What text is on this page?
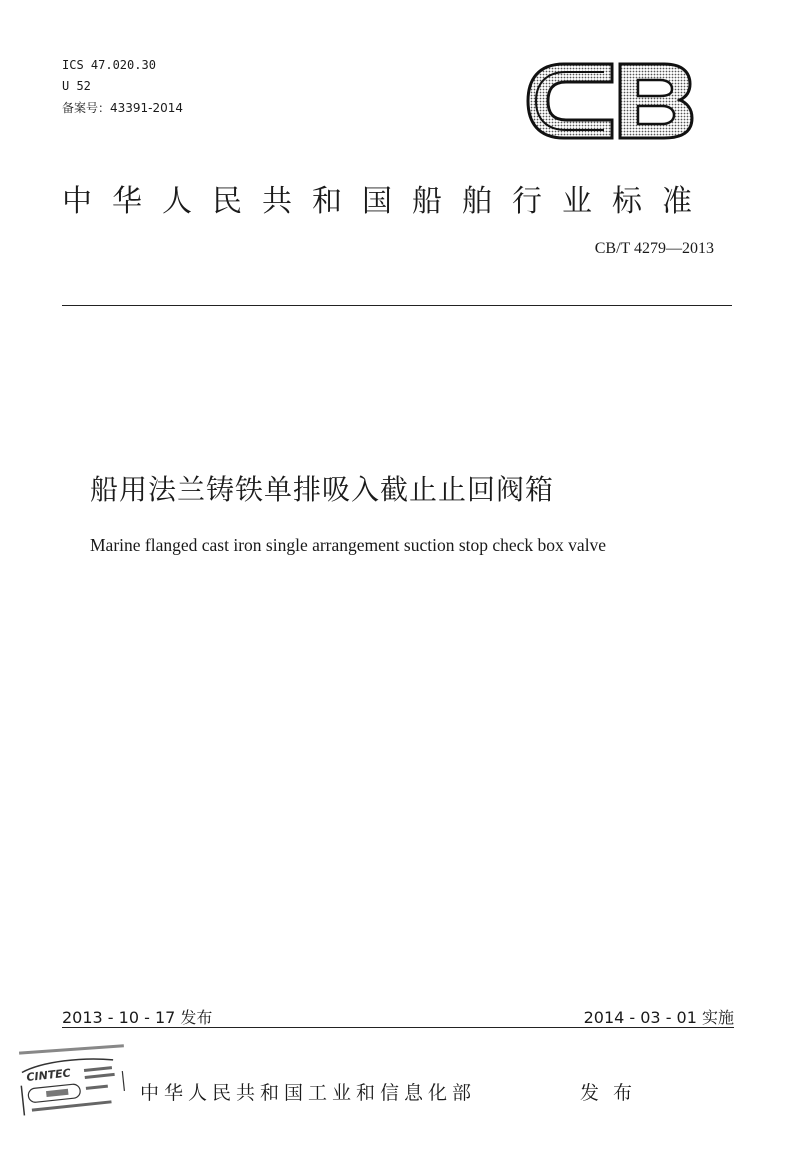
ICS 47.020.30
U 52
备案号：43391-2014
中华人民共和国船舶行业标准
CB/T 4279—2013
船用法兰铸铁单排吸入截止止回阀箱
Marine flanged cast iron single arrangement suction stop check box valve
2013 - 10 - 17 发布	2014 - 03 - 01 实施
CINTEC
中华人民共和国工业和信息化部	发布
